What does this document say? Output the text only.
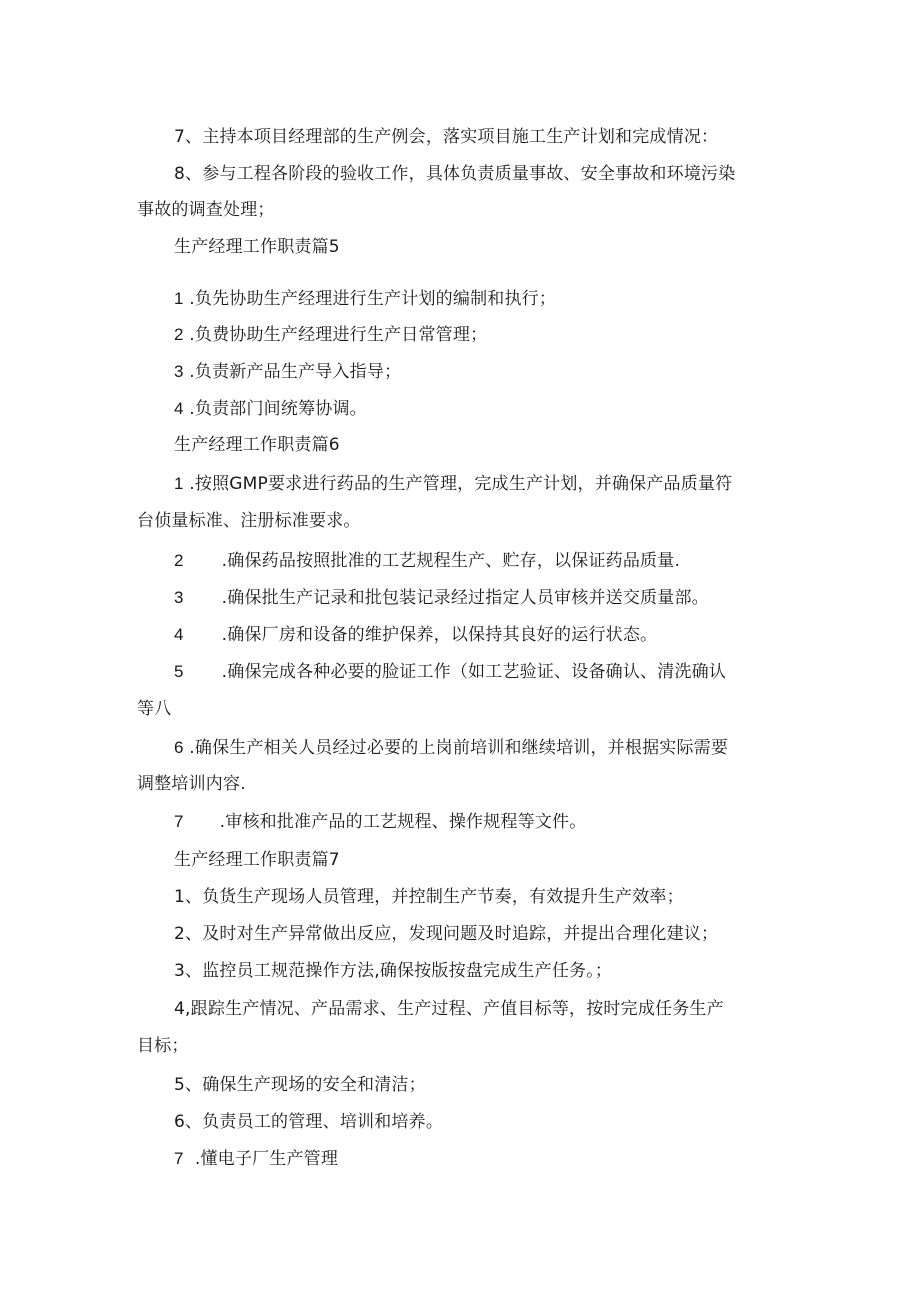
7、主持本项目经理部的生产例会，落实项目施工生产计划和完成情况：
8、参与工程各阶段的验收工作，具体负责质量事故、安全事故和环境污染
事故的调查处理；
生产经理工作职责篇5
1 .负先协助生产经理进行生产计划的编制和执行；
2 .负费协助生产经理进行生产日常管理；
3 .负责新产品生产导入指导；
4 .负责部门间统筹协调。
生产经理工作职责篇6
1 .按照GMP要求进行药品的生产管理，完成生产计划，并确保产品质量符
台侦量标准、注册标准要求。
2 .确保药品按照批准的工艺规程生产、贮存，以保证药品质量.
3 .确保批生产记录和批包装记录经过指定人员审核并送交质量部。
4 .确保厂房和设备的维护保养，以保持其良好的运行状态。
5 .确保完成各种必要的脸证工作（如工艺验证、设备确认、清洗确认
等八
6 .确保生产相关人员经过必要的上岗前培训和继续培训，并根据实际需要
调整培训内容.
7 .审核和批准产品的工艺规程、操作规程等文件。
生产经理工作职责篇7
1、负货生产现场人员管理，并控制生产节奏，有效提升生产效率；
2、及时对生产异常做出反应，发现问题及时追踪，并提出合理化建议；
3、监控员工规范操作方法,确保按版按盘完成生产任务。；
4,跟踪生产情况、产品需求、生产过程、产值目标等，按时完成任务生产
目标；
5、确保生产现场的安全和清洁；
6、负责员工的管理、培训和培养。
7 .懂电子厂生产管理
